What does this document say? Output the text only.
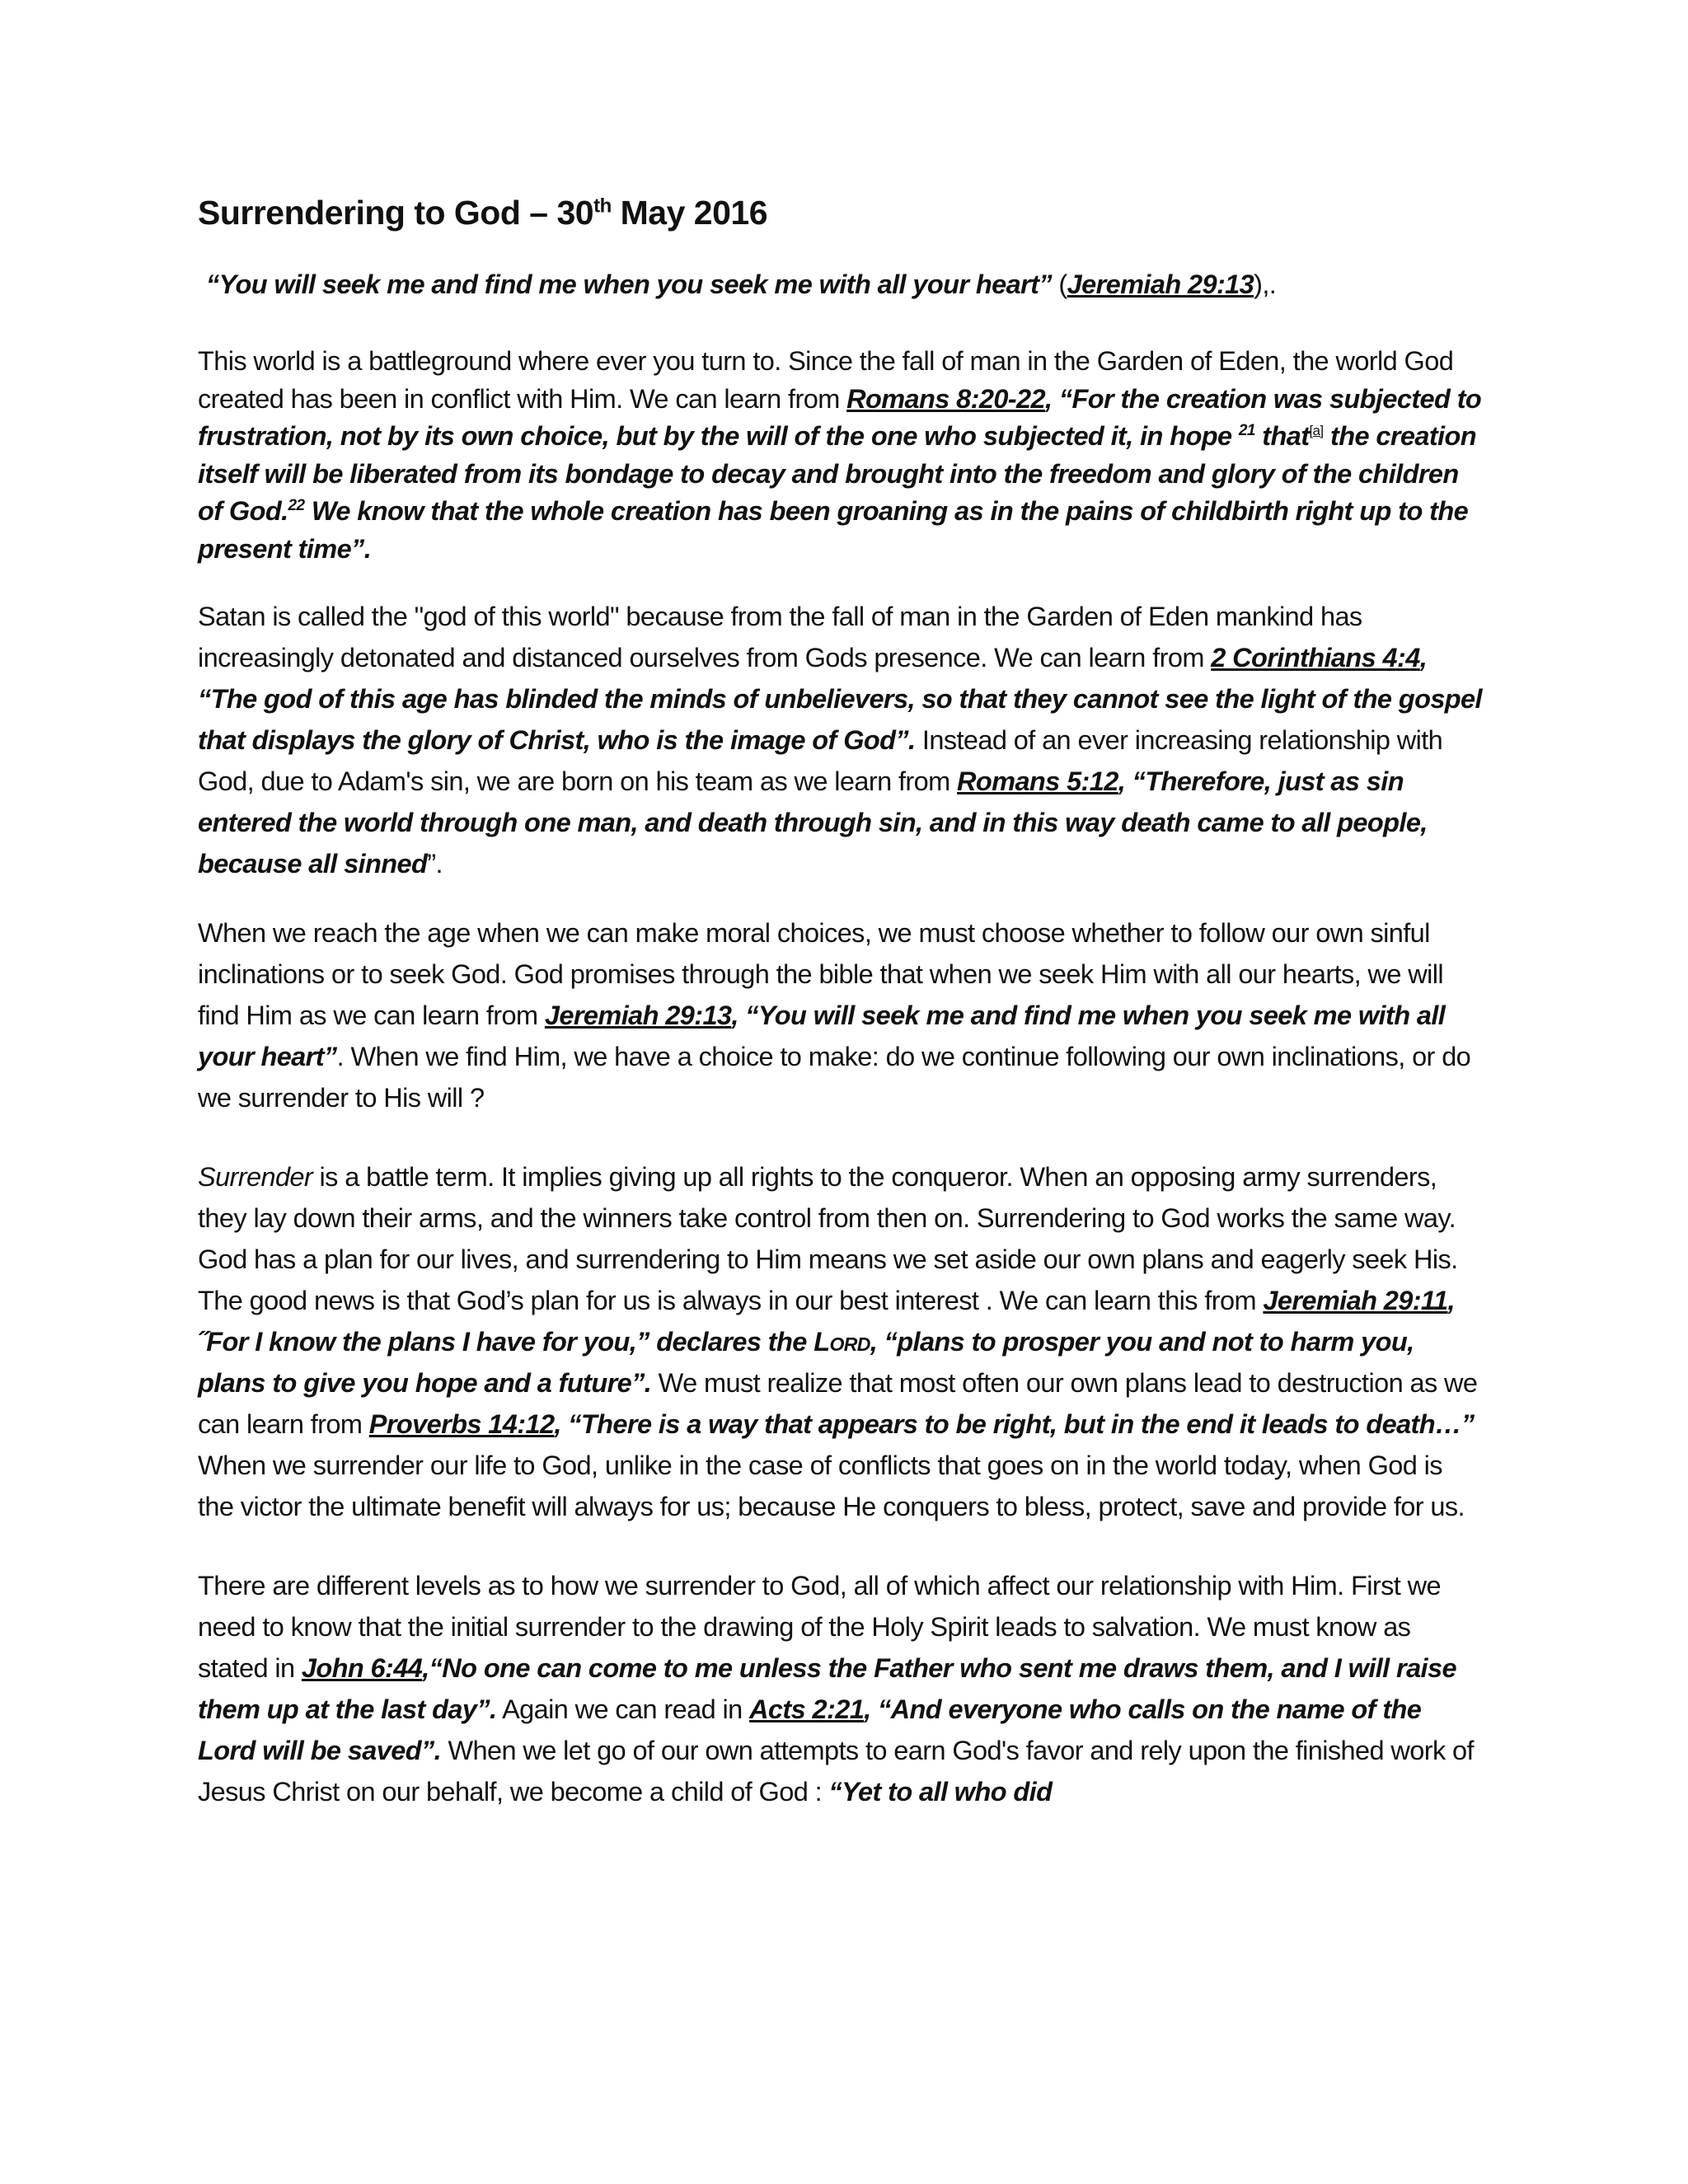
Surrendering to God – 30th May 2016

“You will seek me and find me when you seek me with all your heart” (Jeremiah 29:13),.

This world is a battleground where ever you turn to. Since the fall of man in the Garden of Eden, the world God created has been in conflict with Him. We can learn from Romans 8:20-22, “For the creation was subjected to frustration, not by its own choice, but by the will of the one who subjected it, in hope $^{21}$ that[a] the creation itself will be liberated from its bondage to decay and brought into the freedom and glory of the children of God.$^{22}$ We know that the whole creation has been groaning as in the pains of childbirth right up to the present time”.

Satan is called the "god of this world" because from the fall of man in the Garden of Eden mankind has increasingly detonated and distanced ourselves from Gods presence. We can learn from 2 Corinthians 4:4, “The god of this age has blinded the minds of unbelievers, so that they cannot see the light of the gospel that displays the glory of Christ, who is the image of God”. Instead of an ever increasing relationship with God, due to Adam's sin, we are born on his team as we learn from Romans 5:12, “Therefore, just as sin entered the world through one man, and death through sin, and in this way death came to all people, because all sinned”.

When we reach the age when we can make moral choices, we must choose whether to follow our own sinful inclinations or to seek God. God promises through the bible that when we seek Him with all our hearts, we will find Him as we can learn from Jeremiah 29:13, “You will seek me and find me when you seek me with all your heart”. When we find Him, we have a choice to make: do we continue following our own inclinations, or do we surrender to His will ?

Surrender is a battle term. It implies giving up all rights to the conqueror. When an opposing army surrenders, they lay down their arms, and the winners take control from then on. Surrendering to God works the same way. God has a plan for our lives, and surrendering to Him means we set aside our own plans and eagerly seek His. The good news is that God’s plan for us is always in our best interest . We can learn this from Jeremiah 29:11, ˝For I know the plans I have for you,” declares the Lord, “plans to prosper you and not to harm you, plans to give you hope and a future”. We must realize that most often our own plans lead to destruction as we can learn from Proverbs 14:12, “There is a way that appears to be right, but in the end it leads to death…” When we surrender our life to God, unlike in the case of conflicts that goes on in the world today, when God is the victor the ultimate benefit will always for us; because He conquers to bless, protect, save and provide for us.

There are different levels as to how we surrender to God, all of which affect our relationship with Him. First we need to know that the initial surrender to the drawing of the Holy Spirit leads to salvation. We must know as stated in John 6:44,“No one can come to me unless the Father who sent me draws them, and I will raise them up at the last day”. Again we can read in Acts 2:21, “And everyone who calls on the name of the Lord will be saved”. When we let go of our own attempts to earn God's favor and rely upon the finished work of Jesus Christ on our behalf, we become a child of God : “Yet to all who did
